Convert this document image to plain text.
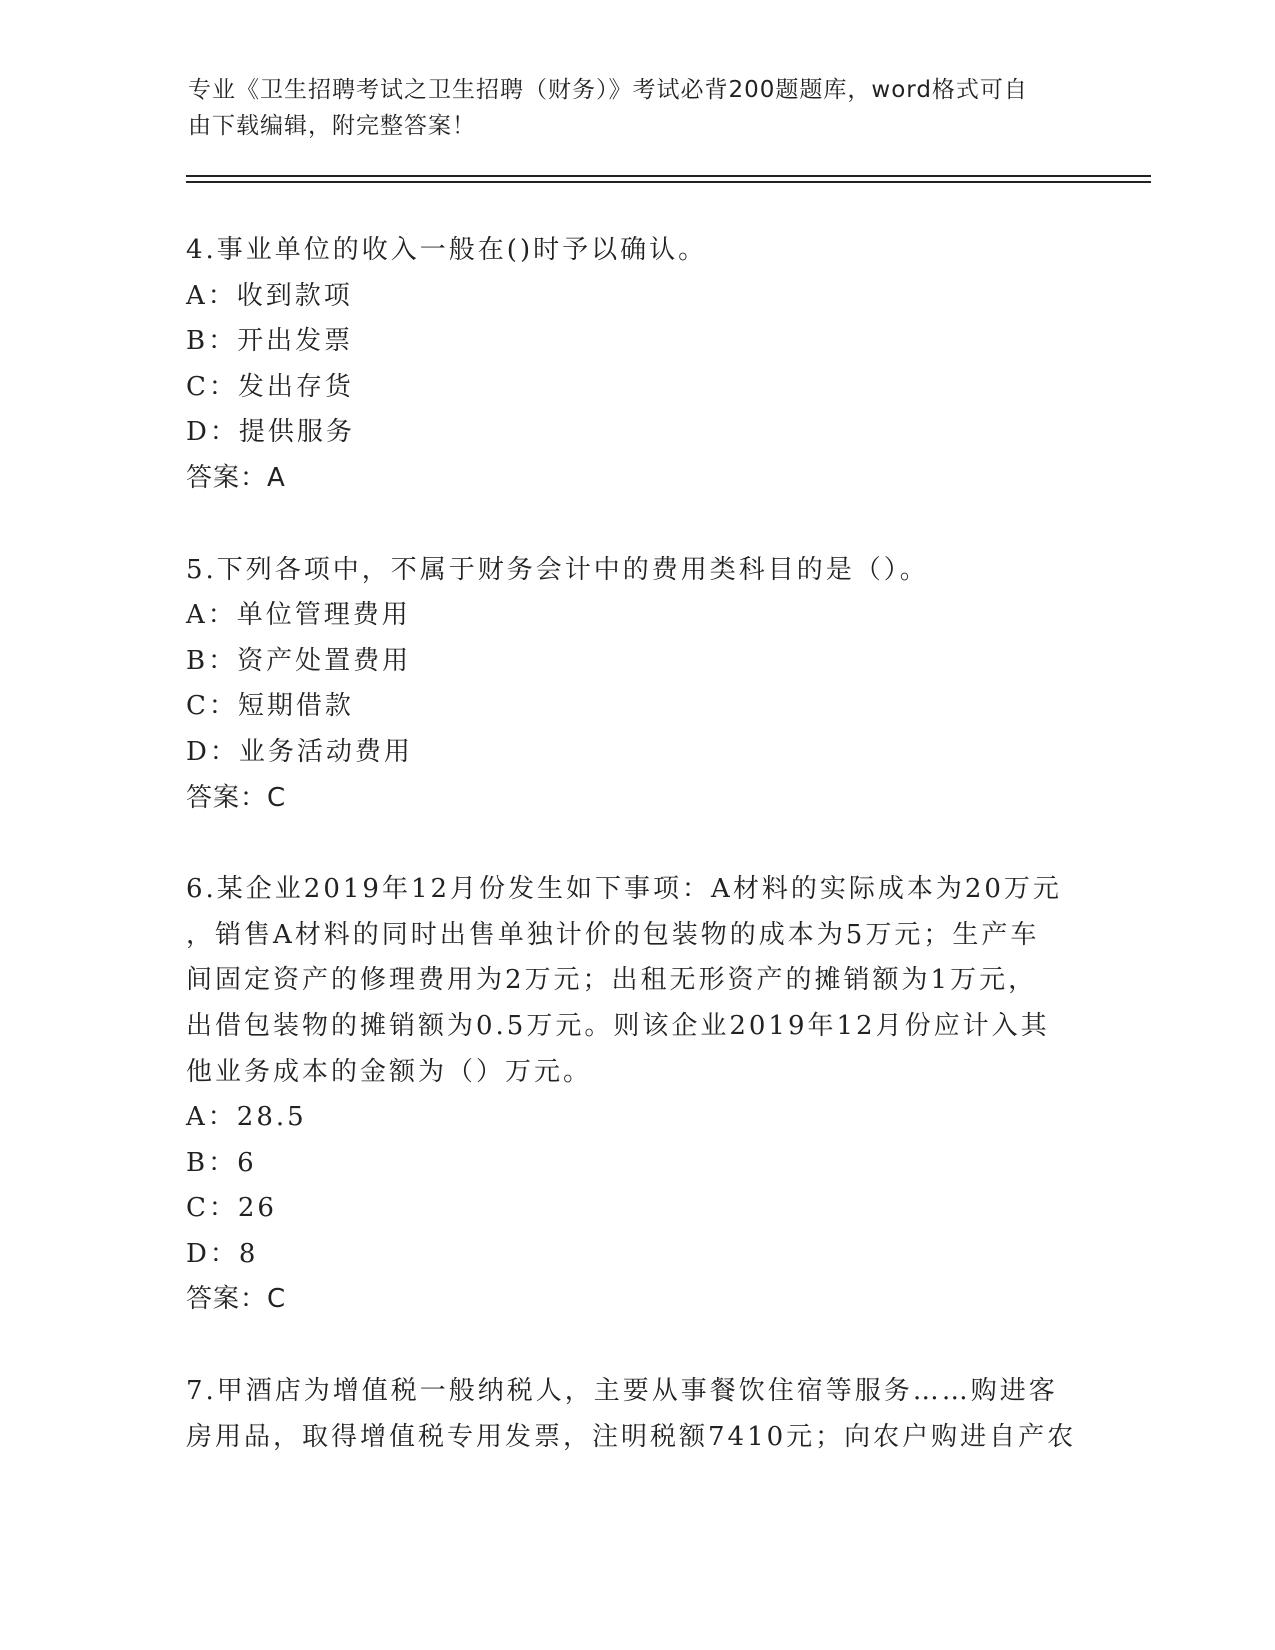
专业《卫生招聘考试之卫生招聘（财务）》考试必背200题题库，word格式可自
由下载编辑，附完整答案！
4.事业单位的收入一般在()时予以确认。
A：收到款项
B：开出发票
C：发出存货
D：提供服务
答案：A
5.下列各项中，不属于财务会计中的费用类科目的是（）。
A：单位管理费用
B：资产处置费用
C：短期借款
D：业务活动费用
答案：C
6.某企业2019年12月份发生如下事项：A材料的实际成本为20万元
，销售A材料的同时出售单独计价的包装物的成本为5万元；生产车
间固定资产的修理费用为2万元；出租无形资产的摊销额为1万元，
出借包装物的摊销额为0.5万元。则该企业2019年12月份应计入其
他业务成本的金额为（）万元。
A：28.5
B：6
C：26
D：8
答案：C
7.甲酒店为增值税一般纳税人，主要从事餐饮住宿等服务……购进客
房用品，取得增值税专用发票，注明税额7410元；向农户购进自产农
